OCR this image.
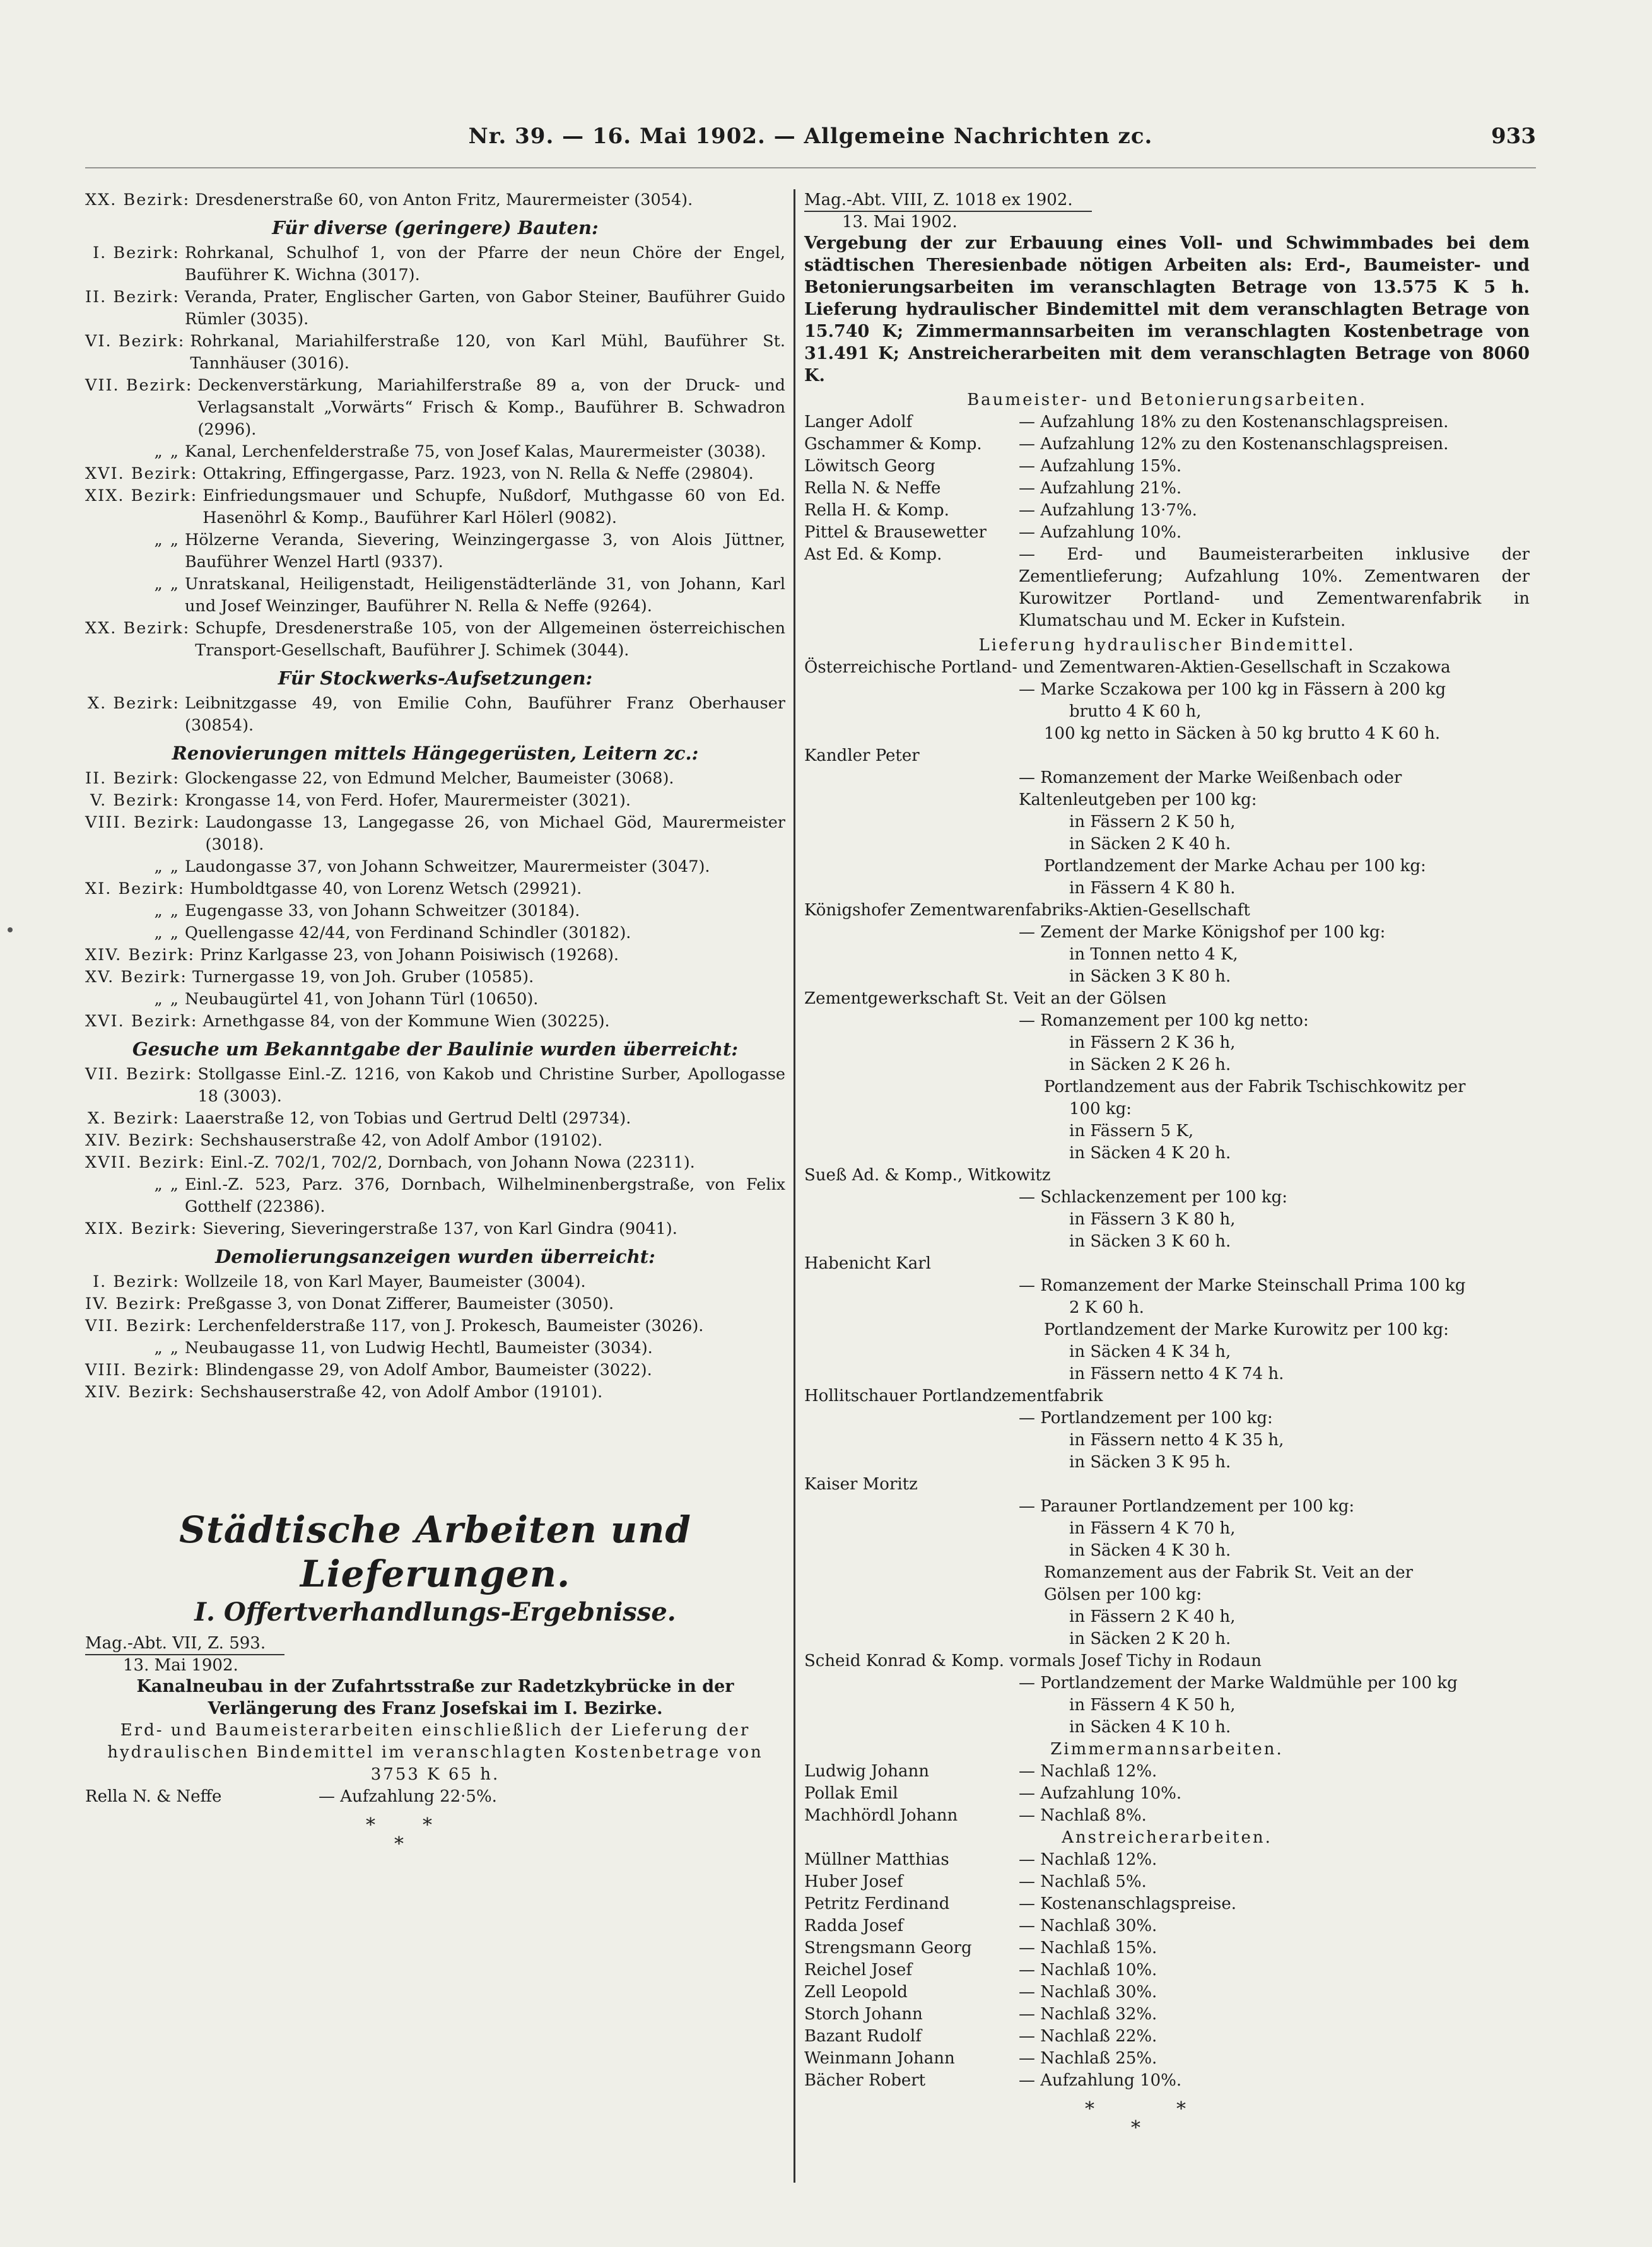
Nr. 39. — 16. Mai 1902. — Allgemeine Nachrichten zc.	933
XX. Bezirk: Dresdenerstraße 60, von Anton Fritz, Maurermeister (3054).
Für diverse (geringere) Bauten:
I. Bezirk: Rohrkanal, Schulhof 1, von der Pfarre der neun Chöre der Engel, Bauführer K. Wichna (3017).
II. Bezirk: Veranda, Prater, Englischer Garten, von Gabor Steiner, Bauführer Guido Rümler (3035).
VI. Bezirk: Rohrkanal, Mariahilferstraße 120, von Karl Mühl, Bauführer St. Tannhäuser (3016).
VII. Bezirk: Deckenverstärkung, Mariahilferstraße 89 a, von der Druck- und Verlagsanstalt „Vorwärts“ Frisch & Komp., Bauführer B. Schwadron (2996).
„ „ Kanal, Lerchenfelderstraße 75, von Josef Kalas, Maurermeister (3038).
XVI. Bezirk: Ottakring, Effingergasse, Parz. 1923, von N. Rella & Neffe (29804).
XIX. Bezirk: Einfriedungsmauer und Schupfe, Nußdorf, Muthgasse 60 von Ed. Hasenöhrl & Komp., Bauführer Karl Hölerl (9082).
„ „ Hölzerne Veranda, Sievering, Weinzingergasse 3, von Alois Jüttner, Bauführer Wenzel Hartl (9337).
„ „ Unratskanal, Heiligenstadt, Heiligenstädterlände 31, von Johann, Karl und Josef Weinzinger, Bauführer N. Rella & Neffe (9264).
XX. Bezirk: Schupfe, Dresdenerstraße 105, von der Allgemeinen österreichischen Transport-Gesellschaft, Bauführer J. Schimek (3044).
Für Stockwerks-Aufsetzungen:
X. Bezirk: Leibnitzgasse 49, von Emilie Cohn, Bauführer Franz Oberhauser (30854).
Renovierungen mittels Hängegerüsten, Leitern zc.:
II. Bezirk: Glockengasse 22, von Edmund Melcher, Baumeister (3068).
V. Bezirk: Krongasse 14, von Ferd. Hofer, Maurermeister (3021).
VIII. Bezirk: Laudongasse 13, Langegasse 26, von Michael Göd, Maurermeister (3018).
„ „ Laudongasse 37, von Johann Schweitzer, Maurermeister (3047).
XI. Bezirk: Humboldtgasse 40, von Lorenz Wetsch (29921).
„ „ Eugengasse 33, von Johann Schweitzer (30184).
„ „ Quellengasse 42/44, von Ferdinand Schindler (30182).
XIV. Bezirk: Prinz Karlgasse 23, von Johann Poisiwisch (19268).
XV. Bezirk: Turnergasse 19, von Joh. Gruber (10585).
„ „ Neubaugürtel 41, von Johann Türl (10650).
XVI. Bezirk: Arnethgasse 84, von der Kommune Wien (30225).
Gesuche um Bekanntgabe der Baulinie wurden überreicht:
VII. Bezirk: Stollgasse Einl.-Z. 1216, von Kakob und Christine Surber, Apollogasse 18 (3003).
X. Bezirk: Laaerstraße 12, von Tobias und Gertrud Deltl (29734).
XIV. Bezirk: Sechshauserstraße 42, von Adolf Ambor (19102).
XVII. Bezirk: Einl.-Z. 702/1, 702/2, Dornbach, von Johann Nowa (22311).
„ „ Einl.-Z. 523, Parz. 376, Dornbach, Wilhelminenbergstraße, von Felix Gotthelf (22386).
XIX. Bezirk: Sievering, Sieveringerstraße 137, von Karl Gindra (9041).
Demolierungsanzeigen wurden überreicht:
I. Bezirk: Wollzeile 18, von Karl Mayer, Baumeister (3004).
IV. Bezirk: Preßgasse 3, von Donat Zifferer, Baumeister (3050).
VII. Bezirk: Lerchenfelderstraße 117, von J. Prokesch, Baumeister (3026).
„ „ Neubaugasse 11, von Ludwig Hechtl, Baumeister (3034).
VIII. Bezirk: Blindengasse 29, von Adolf Ambor, Baumeister (3022).
XIV. Bezirk: Sechshauserstraße 42, von Adolf Ambor (19101).
Städtische Arbeiten und Lieferungen.
I. Offertverhandlungs-Ergebnisse.
Mag.-Abt. VII, Z. 593.
13. Mai 1902.
Kanalneubau in der Zufahrtsstraße zur Radetzkybrücke in der Verlängerung des Franz Josefskai im I. Bezirke.
Erd- und Baumeisterarbeiten einschließlich der Lieferung der hydraulischen Bindemittel im veranschlagten Kostenbetrage von 3753 K 65 h.
Rella N. & Neffe	— Aufzahlung 22·5%.
*	*
*
Mag.-Abt. VIII, Z. 1018 ex 1902.
13. Mai 1902.
Vergebung der zur Erbauung eines Voll- und Schwimmbades bei dem städtischen Theresienbade nötigen Arbeiten als: Erd-, Baumeister- und Betonierungsarbeiten im veranschlagten Betrage von 13.575 K 5 h. Lieferung hydraulischer Bindemittel mit dem veranschlagten Betrage von 15.740 K; Zimmermannsarbeiten im veranschlagten Kostenbetrage von 31.491 K; Anstreicherarbeiten mit dem veranschlagten Betrage von 8060 K.
Baumeister- und Betonierungsarbeiten.
Langer Adolf	— Aufzahlung 18% zu den Kostenanschlagspreisen.
Gschammer & Komp.	— Aufzahlung 12% zu den Kostenanschlagspreisen.
Löwitsch Georg	— Aufzahlung 15%.
Rella N. & Neffe	— Aufzahlung 21%.
Rella H. & Komp.	— Aufzahlung 13·7%.
Pittel & Brausewetter	— Aufzahlung 10%.
Ast Ed. & Komp.	— Erd- und Baumeisterarbeiten inklusive der Zementlieferung; Aufzahlung 10%. Zementwaren der Kurowitzer Portland- und Zementwarenfabrik in Klumatschau und M. Ecker in Kufstein.
Lieferung hydraulischer Bindemittel.
Österreichische Portland- und Zementwaren-Aktien-Gesellschaft in Sczakowa
— Marke Sczakowa per 100 kg in Fässern à 200 kg
brutto 4 K 60 h,
100 kg netto in Säcken à 50 kg brutto 4 K 60 h.
Kandler Peter
— Romanzement der Marke Weißenbach oder Kaltenleutgeben per 100 kg:
in Fässern 2 K 50 h,
in Säcken 2 K 40 h.
Portlandzement der Marke Achau per 100 kg:
in Fässern 4 K 80 h.
Königshofer Zementwarenfabriks-Aktien-Gesellschaft
— Zement der Marke Königshof per 100 kg:
in Tonnen netto 4 K,
in Säcken 3 K 80 h.
Zementgewerkschaft St. Veit an der Gölsen
— Romanzement per 100 kg netto:
in Fässern 2 K 36 h,
in Säcken 2 K 26 h.
Portlandzement aus der Fabrik Tschischkowitz per
100 kg:
in Fässern 5 K,
in Säcken 4 K 20 h.
Sueß Ad. & Komp., Witkowitz
— Schlackenzement per 100 kg:
in Fässern 3 K 80 h,
in Säcken 3 K 60 h.
Habenicht Karl
— Romanzement der Marke Steinschall Prima 100 kg
2 K 60 h.
Portlandzement der Marke Kurowitz per 100 kg:
in Säcken 4 K 34 h,
in Fässern netto 4 K 74 h.
Hollitschauer Portlandzementfabrik
— Portlandzement per 100 kg:
in Fässern netto 4 K 35 h,
in Säcken 3 K 95 h.
Kaiser Moritz
— Parauner Portlandzement per 100 kg:
in Fässern 4 K 70 h,
in Säcken 4 K 30 h.
Romanzement aus der Fabrik St. Veit an der
Gölsen per 100 kg:
in Fässern 2 K 40 h,
in Säcken 2 K 20 h.
Scheid Konrad & Komp. vormals Josef Tichy in Rodaun
— Portlandzement der Marke Waldmühle per 100 kg
in Fässern 4 K 50 h,
in Säcken 4 K 10 h.
Zimmermannsarbeiten.
Ludwig Johann	— Nachlaß 12%.
Pollak Emil	— Aufzahlung 10%.
Machhördl Johann	— Nachlaß 8%.
Anstreicherarbeiten.
Müllner Matthias	— Nachlaß 12%.
Huber Josef	— Nachlaß 5%.
Petritz Ferdinand	— Kostenanschlagspreise.
Radda Josef	— Nachlaß 30%.
Strengsmann Georg	— Nachlaß 15%.
Reichel Josef	— Nachlaß 10%.
Zell Leopold	— Nachlaß 30%.
Storch Johann	— Nachlaß 32%.
Bazant Rudolf	— Nachlaß 22%.
Weinmann Johann	— Nachlaß 25%.
Bächer Robert	— Aufzahlung 10%.
*	*
*
